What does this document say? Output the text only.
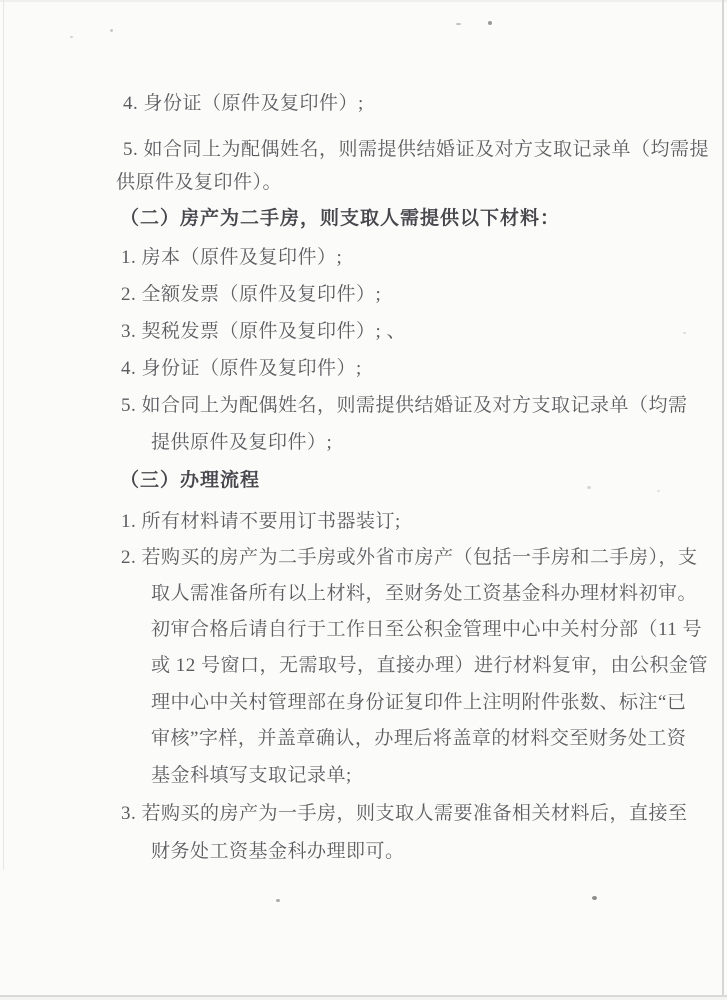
4. 身份证（原件及复印件）;
5. 如合同上为配偶姓名，则需提供结婚证及对方支取记录单（均需提
供原件及复印件）。
（二）房产为二手房，则支取人需提供以下材料：
1. 房本（原件及复印件）;
2. 全额发票（原件及复印件）;
3. 契税发票（原件及复印件）; 、
4. 身份证（原件及复印件）;
5. 如合同上为配偶姓名，则需提供结婚证及对方支取记录单（均需
提供原件及复印件）;
（三）办理流程
1. 所有材料请不要用订书器装订;
2. 若购买的房产为二手房或外省市房产（包括一手房和二手房），支
取人需准备所有以上材料，至财务处工资基金科办理材料初审。
初审合格后请自行于工作日至公积金管理中心中关村分部（11 号
或 12 号窗口，无需取号，直接办理）进行材料复审，由公积金管
理中心中关村管理部在身份证复印件上注明附件张数、标注“已
审核”字样，并盖章确认，办理后将盖章的材料交至财务处工资
基金科填写支取记录单;
3. 若购买的房产为一手房，则支取人需要准备相关材料后，直接至
财务处工资基金科办理即可。
